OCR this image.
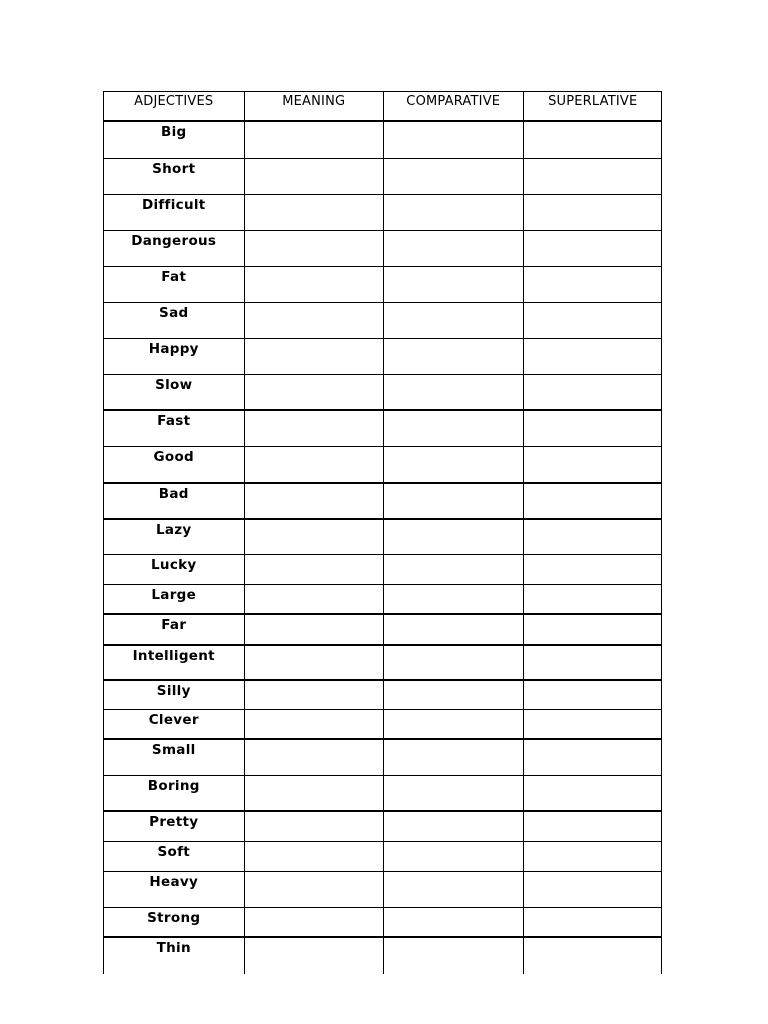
ADJECTIVES	MEANING	COMPARATIVE	SUPERLATIVE
Big
Short
Difficult
Dangerous
Fat
Sad
Happy
Slow
Fast
Good
Bad
Lazy
Lucky
Large
Far
Intelligent
Silly
Clever
Small
Boring
Pretty
Soft
Heavy
Strong
Thin
